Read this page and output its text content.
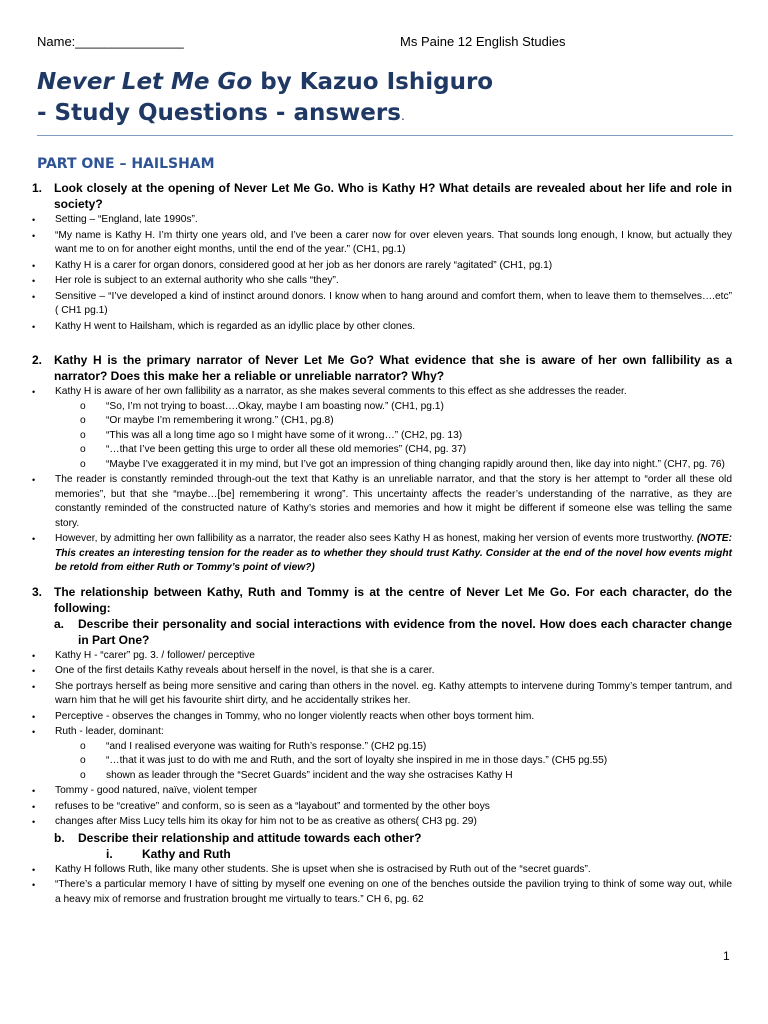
Name:_______________	Ms Paine 12 English Studies
Never Let Me Go by Kazuo Ishiguro
- Study Questions - answers.
PART ONE – HAILSHAM
1. Look closely at the opening of Never Let Me Go. Who is Kathy H? What details are revealed about her life and role in society?
•	Setting – “England, late 1990s”.
•	“My name is Kathy H. I’m thirty one years old, and I’ve been a carer now for over eleven years. That sounds long enough, I know, but actually they want me to on for another eight months, until the end of the year.” (CH1, pg.1)
•	Kathy H is a carer for organ donors, considered good at her job as her donors are rarely “agitated” (CH1, pg.1)
•	Her role is subject to an external authority who she calls “they”.
•	Sensitive – “I’ve developed a kind of instinct around donors. I know when to hang around and comfort them, when to leave them to themselves….etc” ( CH1 pg.1)
•	Kathy H went to Hailsham, which is regarded as an idyllic place by other clones.
2. Kathy H is the primary narrator of Never Let Me Go? What evidence that she is aware of her own fallibility as a narrator? Does this make her a reliable or unreliable narrator? Why?
•	Kathy H is aware of her own fallibility as a narrator, as she makes several comments to this effect as she addresses the reader.
o	“So, I’m not trying to boast….Okay, maybe I am boasting now.” (CH1, pg.1)
o	“Or maybe I’m remembering it wrong.” (CH1, pg.8)
o	“This was all a long time ago so I might have some of it wrong…” (CH2, pg. 13)
o	“…that I’ve been getting this urge to order all these old memories” (CH4, pg. 37)
o	“Maybe I’ve exaggerated it in my mind, but I’ve got an impression of thing changing rapidly around then, like day into night.” (CH7, pg. 76)
•	The reader is constantly reminded through-out the text that Kathy is an unreliable narrator, and that the story is her attempt to “order all these old memories”, but that she “maybe…[be] remembering it wrong”. This uncertainty affects the reader’s understanding of the narrative, as they are constantly reminded of the constructed nature of Kathy’s stories and memories and how it might be different if someone else was telling the same story.
•	However, by admitting her own fallibility as a narrator, the reader also sees Kathy H as honest, making her version of events more trustworthy. (NOTE: This creates an interesting tension for the reader as to whether they should trust Kathy. Consider at the end of the novel how events might be retold from either Ruth or Tommy’s point of view?)
3. The relationship between Kathy, Ruth and Tommy is at the centre of Never Let Me Go. For each character, do the following:
a.	Describe their personality and social interactions with evidence from the novel. How does each character change in Part One?
•	Kathy H - “carer” pg. 3. / follower/ perceptive
•	One of the first details Kathy reveals about herself in the novel, is that she is a carer.
•	She portrays herself as being more sensitive and caring than others in the novel. eg. Kathy attempts to intervene during Tommy’s temper tantrum, and warn him that he will get his favourite shirt dirty, and he accidentally strikes her.
•	Perceptive - observes the changes in Tommy, who no longer violently reacts when other boys torment him.
•	Ruth - leader, dominant:
o	“and I realised everyone was waiting for Ruth’s response.” (CH2 pg.15)
o	“…that it was just to do with me and Ruth, and the sort of loyalty she inspired in me in those days.” (CH5 pg.55)
o	shown as leader through the “Secret Guards” incident and the way she ostracises Kathy H
•	Tommy - good natured, naïve, violent temper
•	refuses to be “creative” and conform, so is seen as a “layabout” and tormented by the other boys
•	changes after Miss Lucy tells him its okay for him not to be as creative as others( CH3 pg. 29)
b.	Describe their relationship and attitude towards each other?
i.	Kathy and Ruth
•	Kathy H follows Ruth, like many other students. She is upset when she is ostracised by Ruth out of the “secret guards”.
•	“There’s a particular memory I have of sitting by myself one evening on one of the benches outside the pavilion trying to think of some way out, while a heavy mix of remorse and frustration brought me virtually to tears.” CH 6, pg. 62
1
